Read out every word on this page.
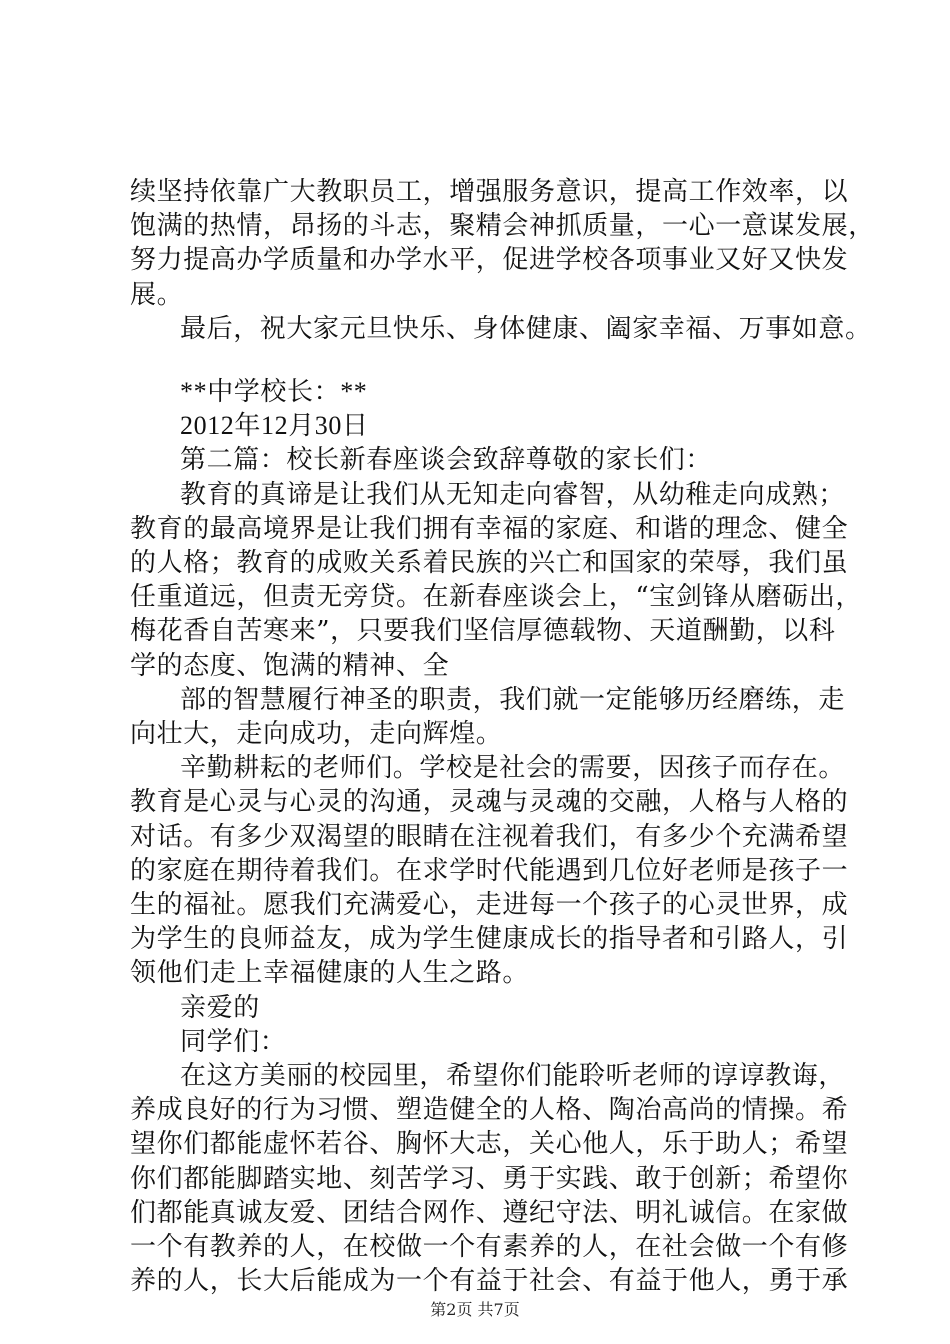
续坚持依靠广大教职员工，增强服务意识，提高工作效率，以
饱满的热情，昂扬的斗志，聚精会神抓质量，一心一意谋发展，
努力提高办学质量和办学水平，促进学校各项事业又好又快发
展。
最后，祝大家元旦快乐、身体健康、阖家幸福、万事如意。
**中学校长：**
2012年12月30日
第二篇：校长新春座谈会致辞尊敬的家长们：
教育的真谛是让我们从无知走向睿智，从幼稚走向成熟；
教育的最高境界是让我们拥有幸福的家庭、和谐的理念、健全
的人格；教育的成败关系着民族的兴亡和国家的荣辱，我们虽
任重道远，但责无旁贷。在新春座谈会上，“宝剑锋从磨砺出，
梅花香自苦寒来”，只要我们坚信厚德载物、天道酬勤，以科
学的态度、饱满的精神、全
部的智慧履行神圣的职责，我们就一定能够历经磨练，走
向壮大，走向成功，走向辉煌。
辛勤耕耘的老师们。学校是社会的需要，因孩子而存在。
教育是心灵与心灵的沟通，灵魂与灵魂的交融，人格与人格的
对话。有多少双渴望的眼睛在注视着我们，有多少个充满希望
的家庭在期待着我们。在求学时代能遇到几位好老师是孩子一
生的福祉。愿我们充满爱心，走进每一个孩子的心灵世界，成
为学生的良师益友，成为学生健康成长的指导者和引路人，引
领他们走上幸福健康的人生之路。
亲爱的
同学们：
在这方美丽的校园里，希望你们能聆听老师的谆谆教诲，
养成良好的行为习惯、塑造健全的人格、陶冶高尚的情操。希
望你们都能虚怀若谷、胸怀大志，关心他人，乐于助人；希望
你们都能脚踏实地、刻苦学习、勇于实践、敢于创新；希望你
们都能真诚友爱、团结合网作、遵纪守法、明礼诚信。在家做
一个有教养的人，在校做一个有素养的人，在社会做一个有修
养的人，长大后能成为一个有益于社会、有益于他人，勇于承
第2页 共7页
